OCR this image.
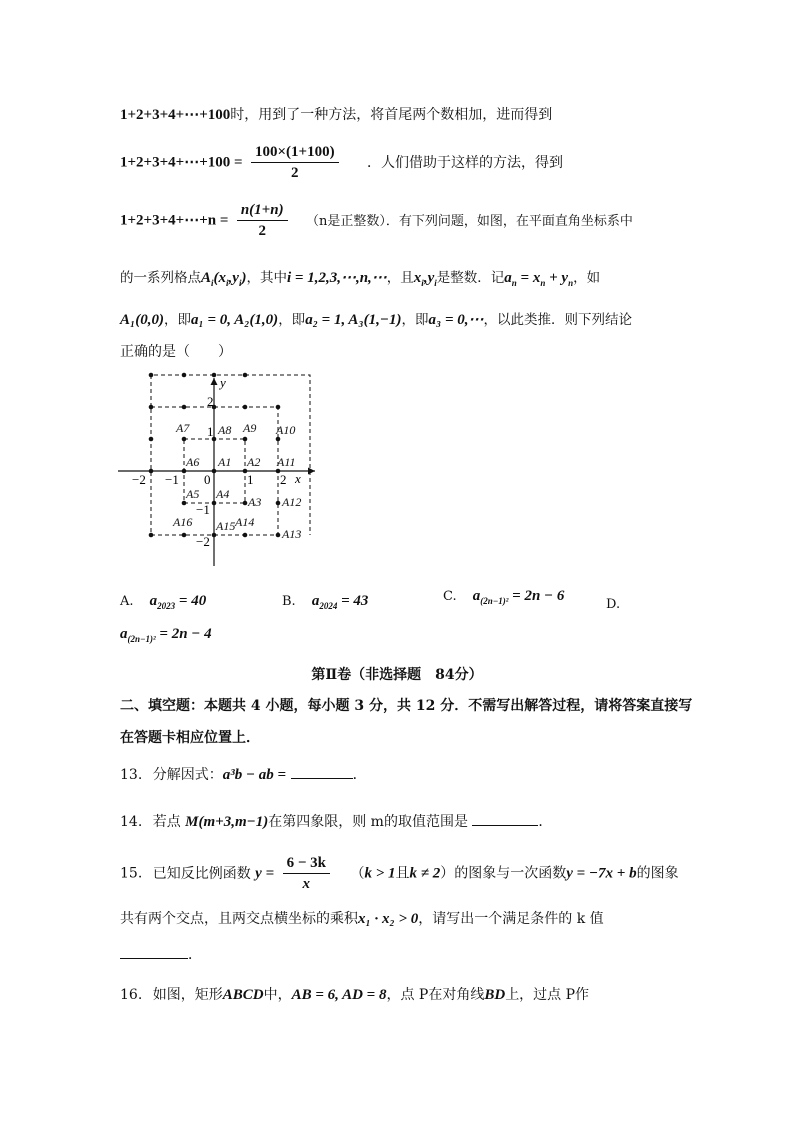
1+2+3+4+⋯+100时，用到了一种方法，将首尾两个数相加，进而得到
1+2+3+4+⋯+100 = $\frac{100\times(1+100)}{2}$ ．人们借助于这样的方法，得到
1+2+3+4+⋯+n = $\frac{n(1+n)}{2} (n$是正整数）．有下列问题，如图，在平面直角坐标系中
的一系列格点$A_i(x_i,y_i)$，其中i = 1,2,3,⋯,n,⋯，且$x_i,y_i$是整数．记$a_n = x_n + y_n$，如
A₁(0,0)，即a₁ = 0, A₂(1,0)，即a₂ = 1, A₃(1,−1)，即a₃ = 0,⋯，以此类推．则下列结论
正确的是（　　）
x
y
0
−2 −1	1 2
2
1
−1
−2
A1 A2
A3
A4
A5
A6
A7 A8 A9 A10
A11
A12
A13
A14
A15
A16
A. $a_{2023} = 40$	B. $a_{2024} = 43$	C. $a_{(2n-1)^2} = 2n - 6$
D.
$a_{(2n-1)^2} = 2n - 4$
第Ⅱ卷（非选择题　84分）
二、填空题：本题共 4 小题，每小题 3 分，共 12 分．不需写出解答过程，请将答案直接写
在答题卡相应位置上．
13. 分解因式：a³b − ab =	．
14. 若点 M(m+3,m−1)在第四象限，则 m的取值范围是	．
15. 已知反比例函数 $y = \frac{6 - 3k}{x} (k > 1$且k ≠ 2）的图象与一次函数y = −7x + b的图象
共有两个交点，且两交点横坐标的乘积x₁ · x₂ > 0，请写出一个满足条件的 k 值
．
16. 如图，矩形ABCD中，AB = 6, AD = 8，点 P在对角线BD上，过点 P作
